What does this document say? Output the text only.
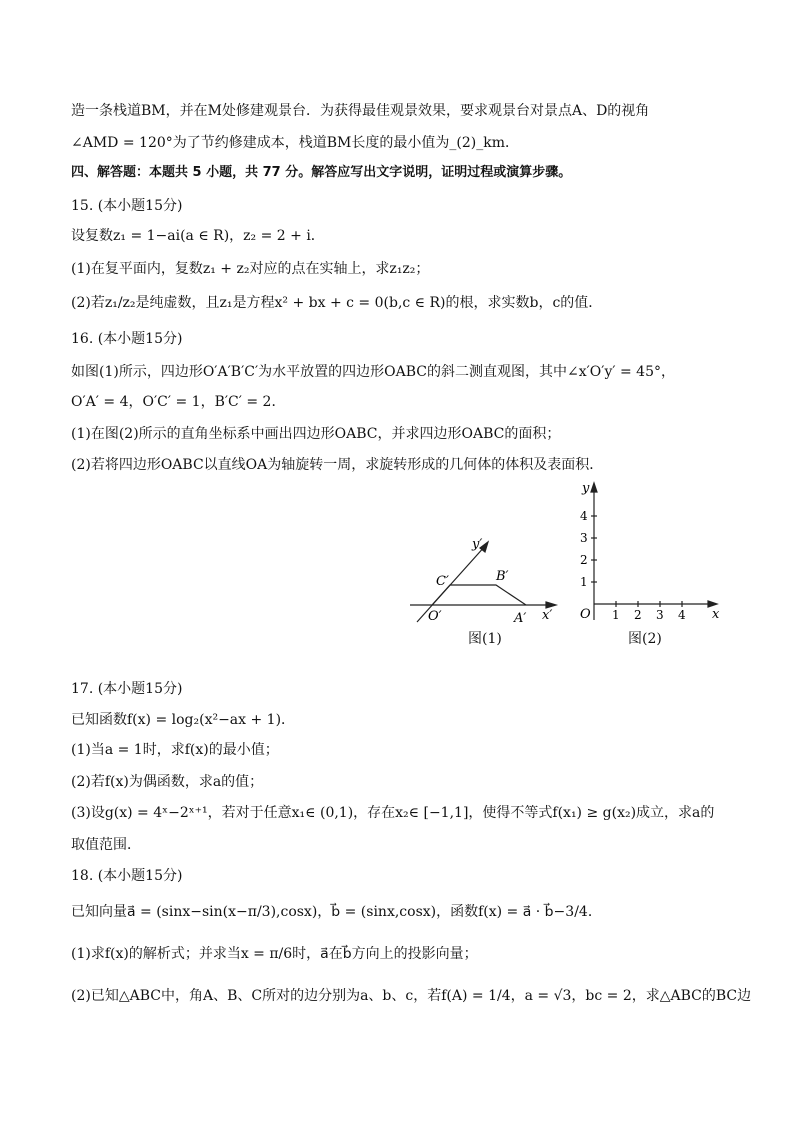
造一条栈道BM，并在M处修建观景台．为获得最佳观景效果，要求观景台对景点A、D的视角
∠AMD = 120°为了节约修建成本，栈道BM长度的最小值为_(2)_km．
四、解答题：本题共 5 小题，共 77 分。解答应写出文字说明，证明过程或演算步骤。
15. (本小题15分)
设复数z₁ = 1−ai(a ∈ R)，z₂ = 2 + i．
(1)在复平面内，复数z₁ + z₂对应的点在实轴上，求z₁z₂；
(2)若z₁/z₂是纯虚数，且z₁是方程x² + bx + c = 0(b,c ∈ R)的根，求实数b，c的值．
16. (本小题15分)
如图(1)所示，四边形O′A′B′C′为水平放置的四边形OABC的斜二测直观图，其中∠x′O′y′ = 45°，
O′A′ = 4，O′C′ = 1，B′C′ = 2．
(1)在图(2)所示的直角坐标系中画出四边形OABC，并求四边形OABC的面积；
(2)若将四边形OABC以直线OA为轴旋转一周，求旋转形成的几何体的体积及表面积．
17. (本小题15分)
已知函数f(x) = log₂(x²−ax + 1)．
(1)当a = 1时，求f(x)的最小值；
(2)若f(x)为偶函数，求a的值；
(3)设g(x) = 4ˣ−2ˣ⁺¹，若对于任意x₁∈ (0,1)，存在x₂∈ [−1,1]，使得不等式f(x₁) ≥ g(x₂)成立，求a的
取值范围．
18. (本小题15分)
已知向量a⃗ = (sinx−sin(x−π/3),cosx)，b⃗ = (sinx,cosx)，函数f(x) = a⃗ · b⃗−3/4．
(1)求f(x)的解析式；并求当x = π/6时，a⃗在b⃗方向上的投影向量；
(2)已知△ABC中，角A、B、C所对的边分别为a、b、c，若f(A) = 1/4，a = √3，bc = 2，求△ABC的BC边
O′	A′
B′
C′
x′
y′
图(1)
O	x
y
1 2 3 4
1
2
3
4
图(2)
